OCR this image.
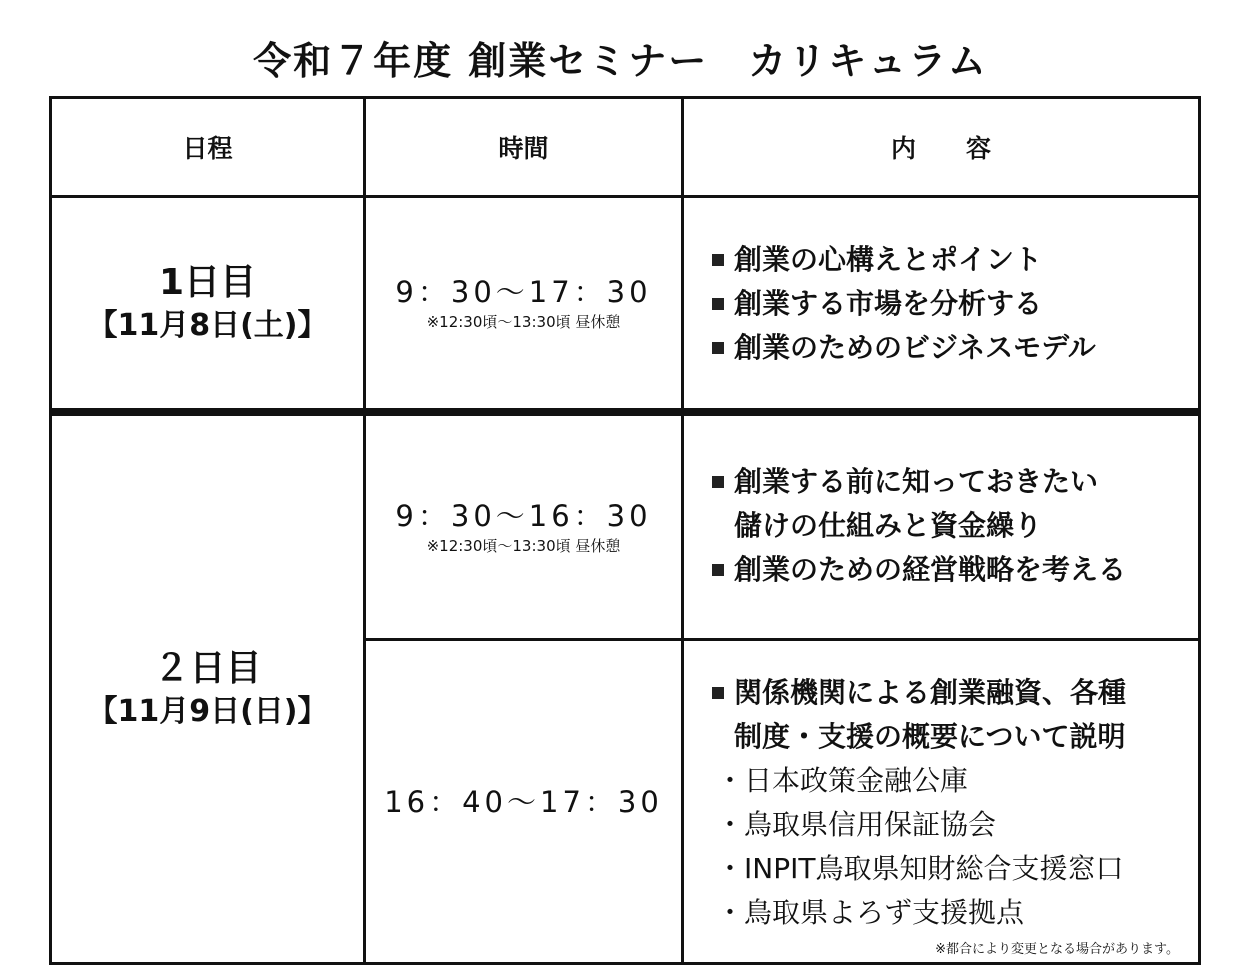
令和７年度 創業セミナー　カリキュラム
日程	時間	内　　容
1日目
【11月8日(土)】
9：30〜17：30
※12:30頃〜13:30頃 昼休憩
創業の心構えとポイント
創業する市場を分析する
創業のためのビジネスモデル
２日目
【11月9日(日)】
9：30〜16：30
※12:30頃〜13:30頃 昼休憩
創業する前に知っておきたい
儲けの仕組みと資金繰り
創業のための経営戦略を考える
16：40〜17：30
関係機関による創業融資、各種
制度・支援の概要について説明
・日本政策金融公庫
・鳥取県信用保証協会
・INPIT鳥取県知財総合支援窓口
・鳥取県よろず支援拠点
※都合により変更となる場合があります。
